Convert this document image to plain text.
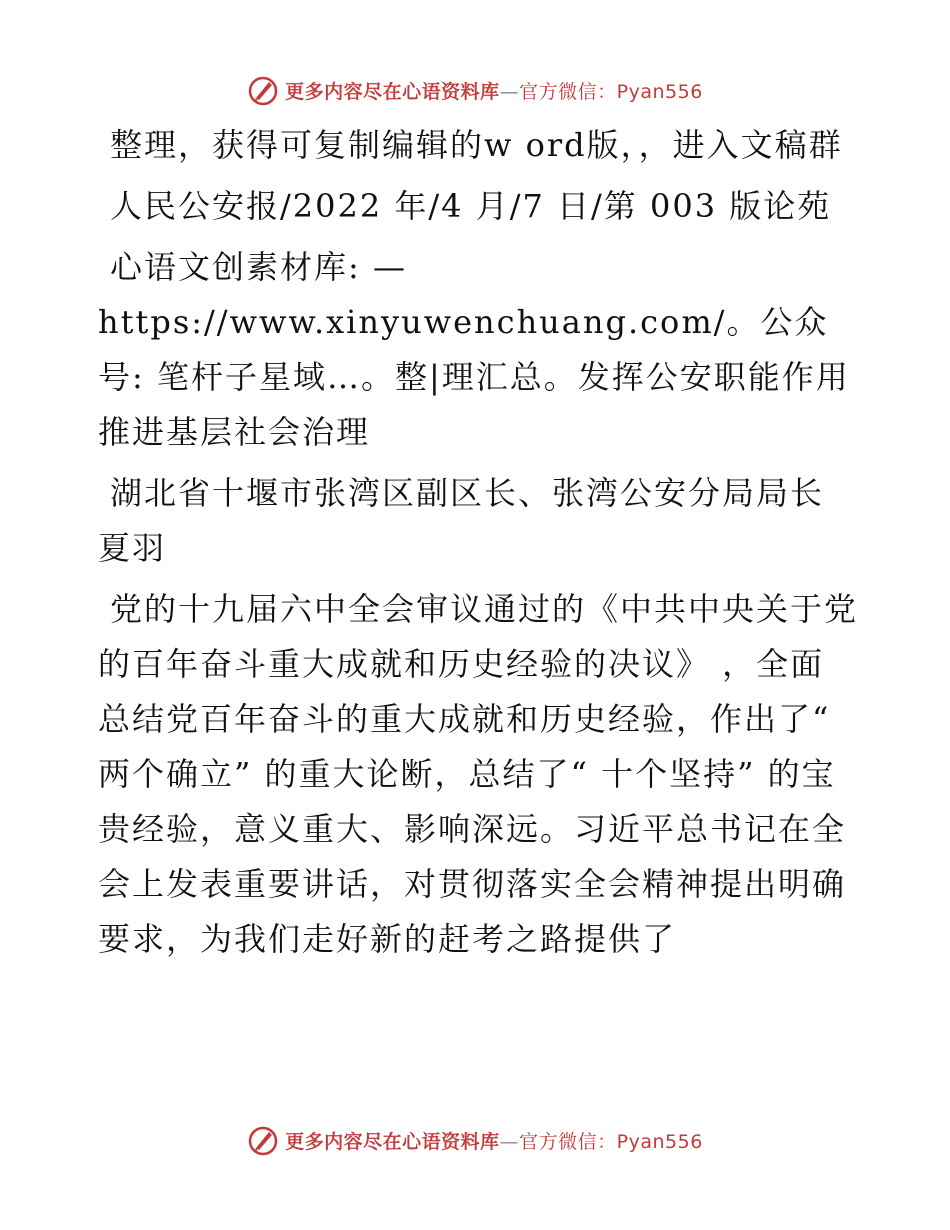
更多内容尽在心语资料库—官方微信：Pyan556

整理，获得可复制编辑的w ord版，，进入文稿群

人民公安报/2022 年/4 月/7 日/第 003 版论苑

心语文创素材库: —https://www.xinyuwenchuang.com/。公众号: 笔杆子星域…。整|理汇总。发挥公安职能作用　推进基层社会治理

湖北省十堰市张湾区副区长、张湾公安分局局长　夏羽

党的十九届六中全会审议通过的《中共中央关于党的百年奋斗重大成就和历史经验的决议》 ，全面总结党百年奋斗的重大成就和历史经验，作出了“ 两个确立” 的重大论断，总结了“ 十个坚持” 的宝贵经验，意义重大、影响深远。习近平总书记在全会上发表重要讲话，对贯彻落实全会精神提出明确要求，为我们走好新的赶考之路提供了

更多内容尽在心语资料库—官方微信：Pyan556
